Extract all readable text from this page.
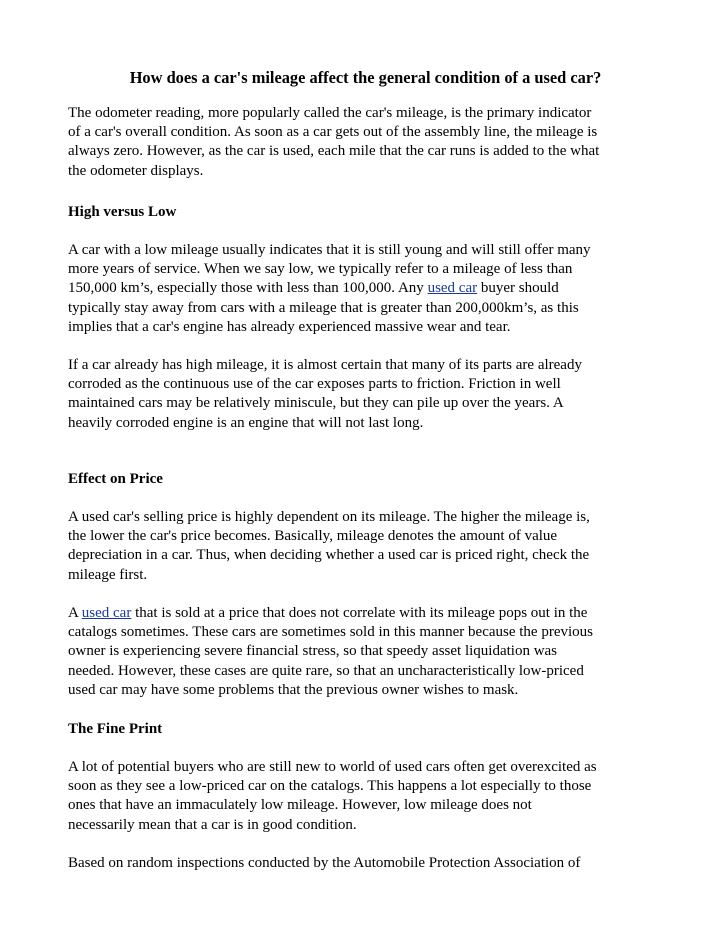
How does a car's mileage affect the general condition of a used car?
The odometer reading, more popularly called the car's mileage, is the primary indicator
of a car's overall condition. As soon as a car gets out of the assembly line, the mileage is
always zero. However, as the car is used, each mile that the car runs is added to the what
the odometer displays.
High versus Low
A car with a low mileage usually indicates that it is still young and will still offer many
more years of service. When we say low, we typically refer to a mileage of less than
150,000 km’s, especially those with less than 100,000. Any used car buyer should
typically stay away from cars with a mileage that is greater than 200,000km’s, as this
implies that a car's engine has already experienced massive wear and tear.
If a car already has high mileage, it is almost certain that many of its parts are already
corroded as the continuous use of the car exposes parts to friction. Friction in well
maintained cars may be relatively miniscule, but they can pile up over the years. A
heavily corroded engine is an engine that will not last long.
Effect on Price
A used car's selling price is highly dependent on its mileage. The higher the mileage is,
the lower the car's price becomes. Basically, mileage denotes the amount of value
depreciation in a car. Thus, when deciding whether a used car is priced right, check the
mileage first.
A used car that is sold at a price that does not correlate with its mileage pops out in the
catalogs sometimes. These cars are sometimes sold in this manner because the previous
owner is experiencing severe financial stress, so that speedy asset liquidation was
needed. However, these cases are quite rare, so that an uncharacteristically low-priced
used car may have some problems that the previous owner wishes to mask.
The Fine Print
A lot of potential buyers who are still new to world of used cars often get overexcited as
soon as they see a low-priced car on the catalogs. This happens a lot especially to those
ones that have an immaculately low mileage. However, low mileage does not
necessarily mean that a car is in good condition.
Based on random inspections conducted by the Automobile Protection Association of
